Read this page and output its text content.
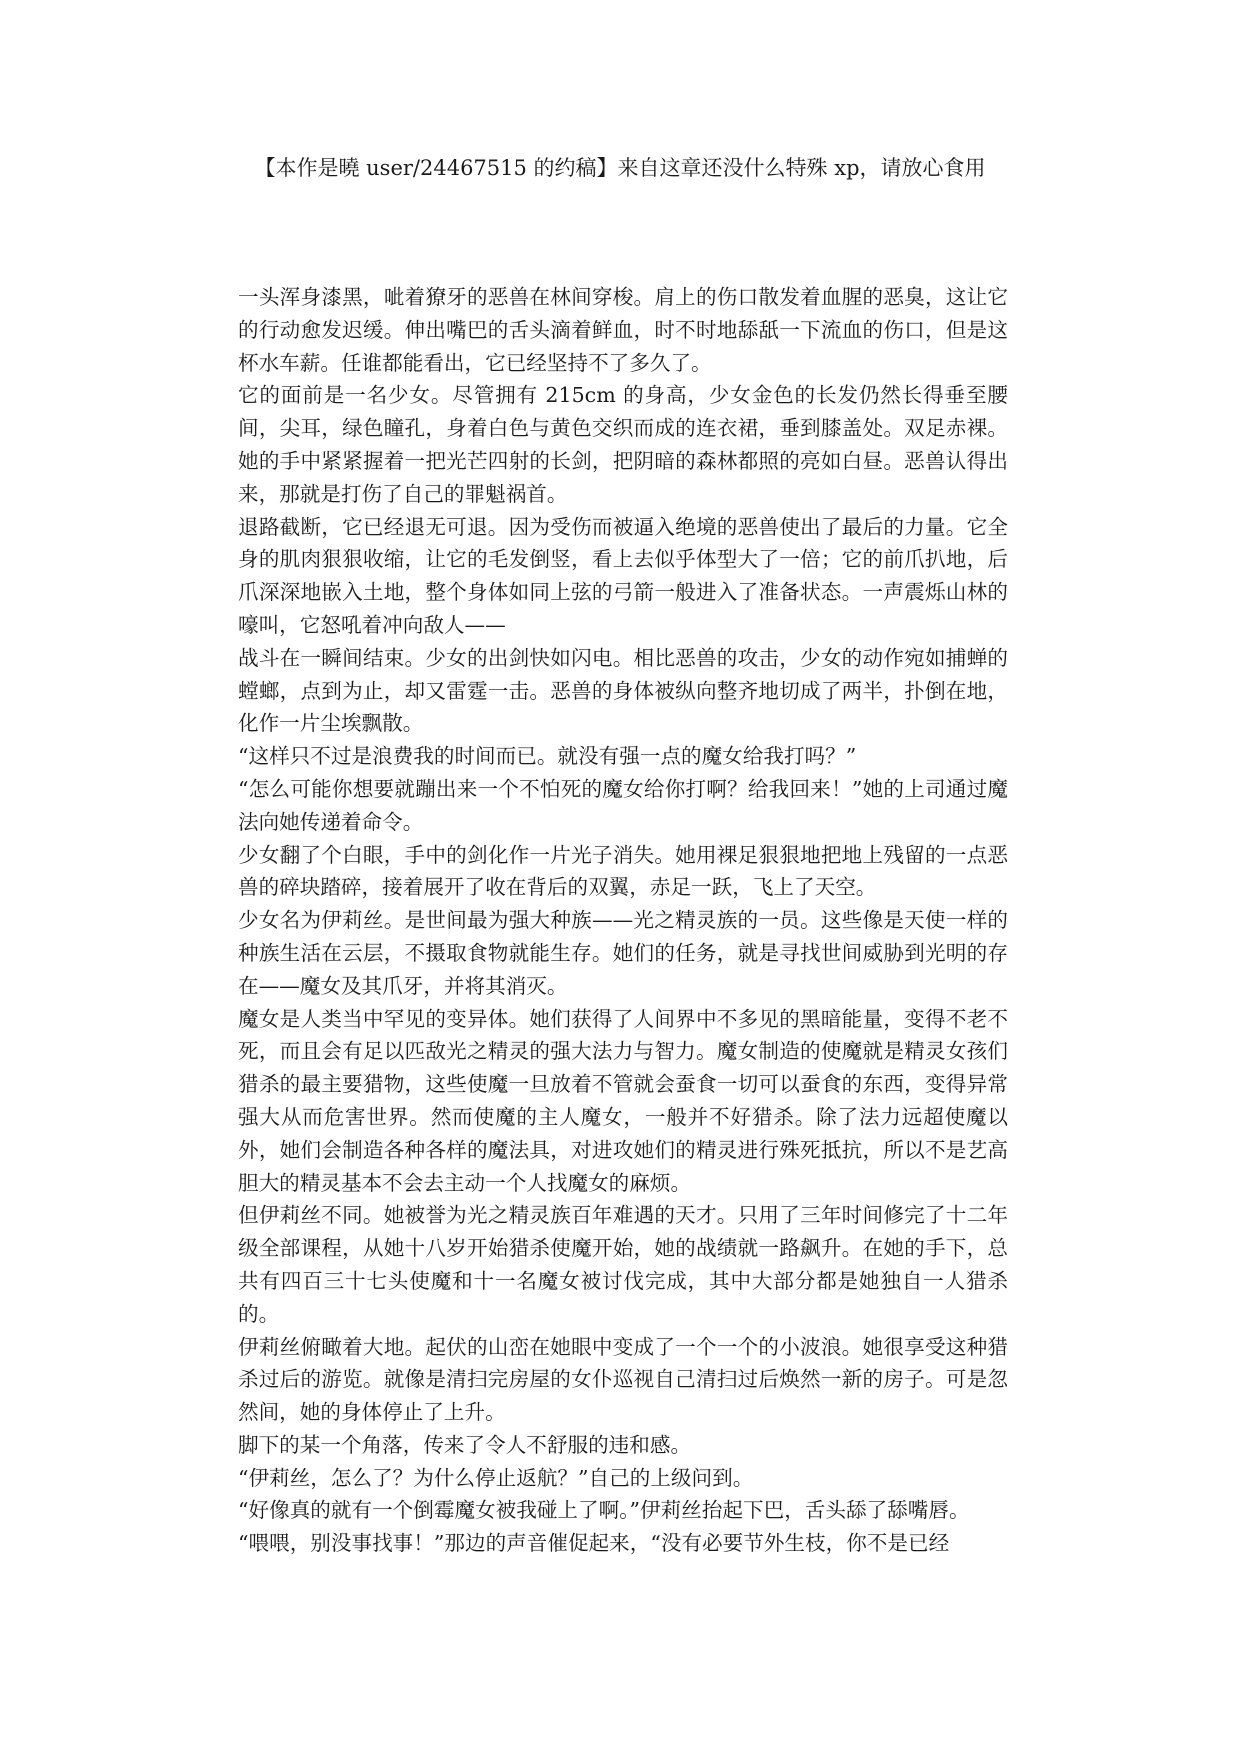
【本作是曉 user/24467515 的约稿】来自这章还没什么特殊 xp，请放心食用

一头浑身漆黑，呲着獠牙的恶兽在林间穿梭。肩上的伤口散发着血腥的恶臭，这让它的行动愈发迟缓。伸出嘴巴的舌头滴着鲜血，时不时地舔舐一下流血的伤口，但是这杯水车薪。任谁都能看出，它已经坚持不了多久了。

它的面前是一名少女。尽管拥有 215cm 的身高，少女金色的长发仍然长得垂至腰间，尖耳，绿色瞳孔，身着白色与黄色交织而成的连衣裙，垂到膝盖处。双足赤裸。她的手中紧紧握着一把光芒四射的长剑，把阴暗的森林都照的亮如白昼。恶兽认得出来，那就是打伤了自己的罪魁祸首。

退路截断，它已经退无可退。因为受伤而被逼入绝境的恶兽使出了最后的力量。它全身的肌肉狠狠收缩，让它的毛发倒竖，看上去似乎体型大了一倍；它的前爪扒地，后爪深深地嵌入土地，整个身体如同上弦的弓箭一般进入了准备状态。一声震烁山林的嚎叫，它怒吼着冲向敌人——

战斗在一瞬间结束。少女的出剑快如闪电。相比恶兽的攻击，少女的动作宛如捕蝉的螳螂，点到为止，却又雷霆一击。恶兽的身体被纵向整齐地切成了两半，扑倒在地，化作一片尘埃飘散。

“这样只不过是浪费我的时间而已。就没有强一点的魔女给我打吗？”

“怎么可能你想要就蹦出来一个不怕死的魔女给你打啊？给我回来！”她的上司通过魔法向她传递着命令。

少女翻了个白眼，手中的剑化作一片光子消失。她用裸足狠狠地把地上残留的一点恶兽的碎块踏碎，接着展开了收在背后的双翼，赤足一跃，飞上了天空。

少女名为伊莉丝。是世间最为强大种族——光之精灵族的一员。这些像是天使一样的种族生活在云层，不摄取食物就能生存。她们的任务，就是寻找世间威胁到光明的存在——魔女及其爪牙，并将其消灭。

魔女是人类当中罕见的变异体。她们获得了人间界中不多见的黑暗能量，变得不老不死，而且会有足以匹敌光之精灵的强大法力与智力。魔女制造的使魔就是精灵女孩们猎杀的最主要猎物，这些使魔一旦放着不管就会蚕食一切可以蚕食的东西，变得异常强大从而危害世界。然而使魔的主人魔女，一般并不好猎杀。除了法力远超使魔以外，她们会制造各种各样的魔法具，对进攻她们的精灵进行殊死抵抗，所以不是艺高胆大的精灵基本不会去主动一个人找魔女的麻烦。

但伊莉丝不同。她被誉为光之精灵族百年难遇的天才。只用了三年时间修完了十二年级全部课程，从她十八岁开始猎杀使魔开始，她的战绩就一路飙升。在她的手下，总共有四百三十七头使魔和十一名魔女被讨伐完成，其中大部分都是她独自一人猎杀的。

伊莉丝俯瞰着大地。起伏的山峦在她眼中变成了一个一个的小波浪。她很享受这种猎杀过后的游览。就像是清扫完房屋的女仆巡视自己清扫过后焕然一新的房子。可是忽然间，她的身体停止了上升。

脚下的某一个角落，传来了令人不舒服的违和感。

“伊莉丝，怎么了？为什么停止返航？”自己的上级问到。

“好像真的就有一个倒霉魔女被我碰上了啊。”伊莉丝抬起下巴，舌头舔了舔嘴唇。

“喂喂，别没事找事！”那边的声音催促起来，“没有必要节外生枝，你不是已经
